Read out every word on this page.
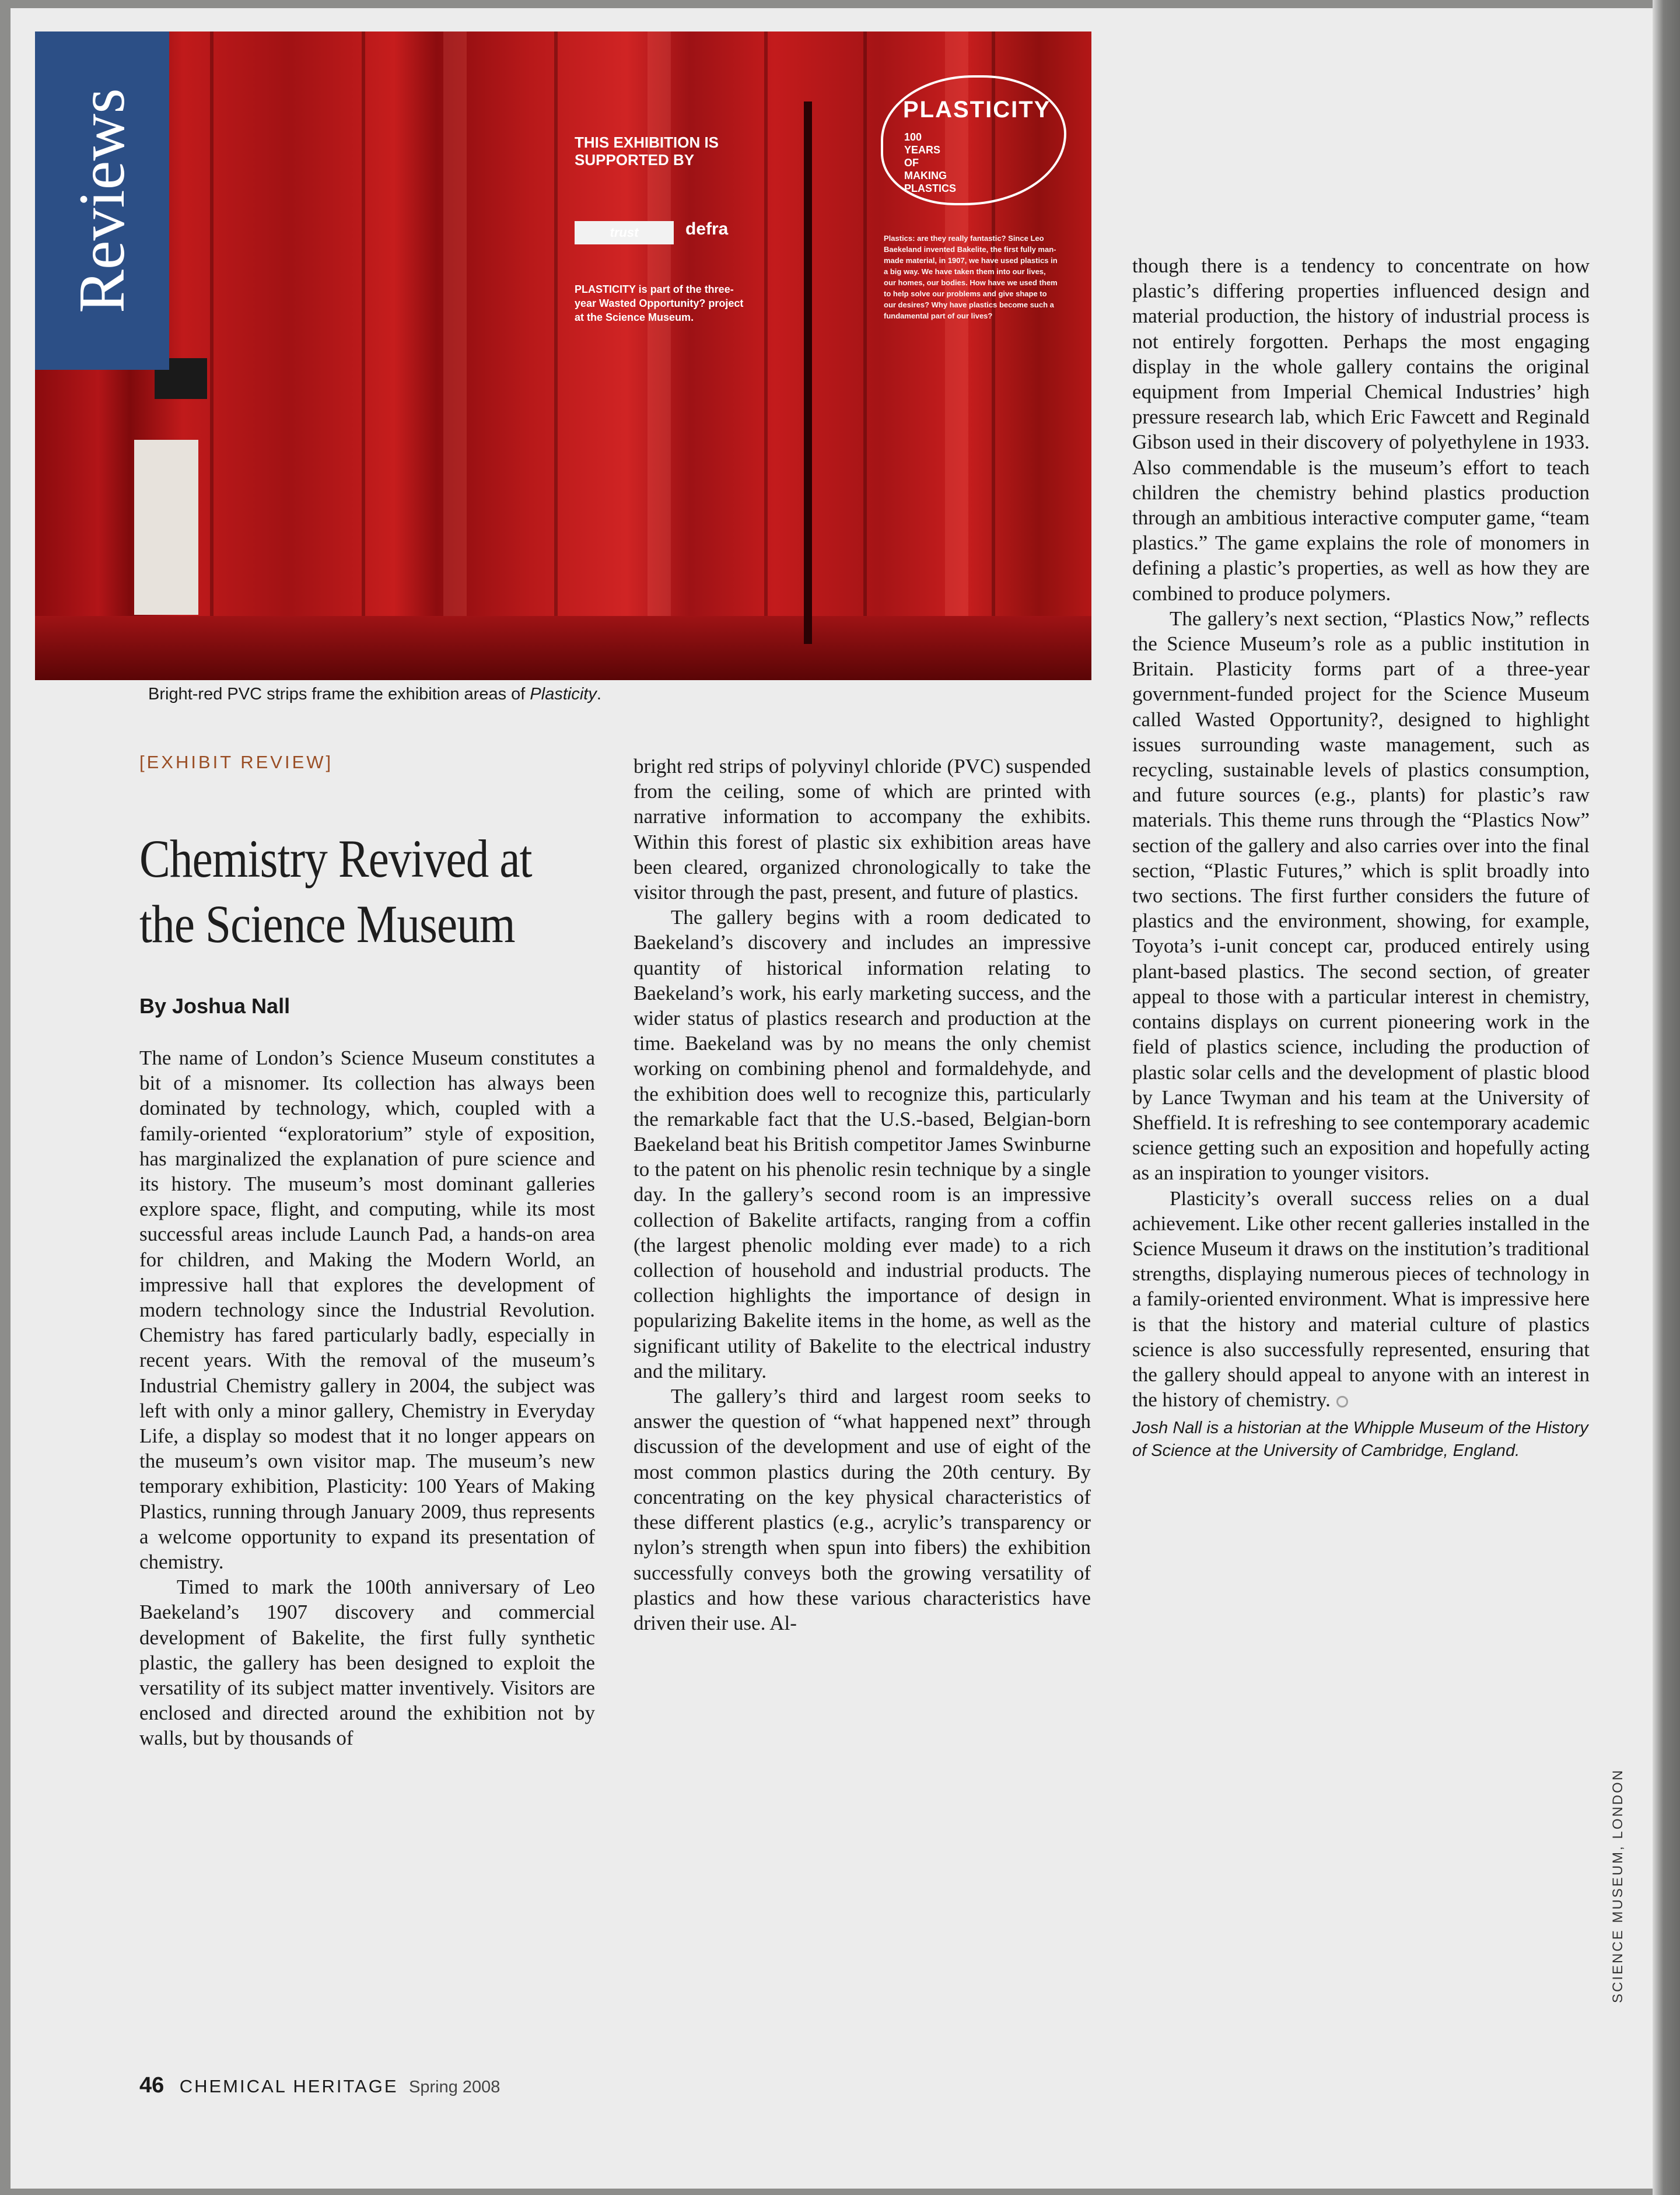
THIS EXHIBITION IS SUPPORTED BY
trust	defra
PLASTICITY is part of the three-year Wasted Opportunity? project at the Science Museum.
PLASTICITY
100 YEARS OF MAKING PLASTICS
Plastics: are they really fantastic? Since Leo Baekeland invented Bakelite, the first fully man-made material, in 1907, we have used plastics in a big way. We have taken them into our lives, our homes, our bodies. How have we used them to help solve our problems and give shape to our desires? Why have plastics become such a fundamental part of our lives?
Reviews
Bright-red PVC strips frame the exhibition areas of Plasticity.
[EXHIBIT REVIEW]
Chemistry Revived at the Science Museum
By Joshua Nall

The name of London’s Science Museum constitutes a bit of a misnomer. Its collection has always been dominated by technology, which, coupled with a family-oriented “exploratorium” style of exposition, has marginalized the explanation of pure science and its history. The museum’s most dominant galleries explore space, flight, and computing, while its most successful areas include Launch Pad, a hands-on area for children, and Making the Modern World, an impressive hall that explores the development of modern technology since the Industrial Revolution. Chemistry has fared particularly badly, especially in recent years. With the removal of the museum’s Industrial Chemistry gallery in 2004, the subject was left with only a minor gallery, Chemistry in Everyday Life, a display so modest that it no longer appears on the museum’s own visitor map. The museum’s new temporary exhibition, Plasticity: 100 Years of Making Plastics, running through January 2009, thus represents a welcome opportunity to expand its presentation of chemistry.

Timed to mark the 100th anniversary of Leo Baekeland’s 1907 discovery and commercial development of Bakelite, the first fully synthetic plastic, the gallery has been designed to exploit the versatility of its subject matter inventively. Visitors are enclosed and directed around the exhibition not by walls, but by thousands of

bright red strips of polyvinyl chloride (PVC) suspended from the ceiling, some of which are printed with narrative information to accompany the exhibits. Within this forest of plastic six exhibition areas have been cleared, organized chronologically to take the visitor through the past, present, and future of plastics.

The gallery begins with a room dedicated to Baekeland’s discovery and includes an impressive quantity of historical information relating to Baekeland’s work, his early marketing success, and the wider status of plastics research and production at the time. Baekeland was by no means the only chemist working on combining phenol and formaldehyde, and the exhibition does well to recognize this, particularly the remarkable fact that the U.S.-based, Belgian-born Baekeland beat his British competitor James Swinburne to the patent on his phenolic resin technique by a single day. In the gallery’s second room is an impressive collection of Bakelite artifacts, ranging from a coffin (the largest phenolic molding ever made) to a rich collection of household and industrial products. The collection highlights the importance of design in popularizing Bakelite items in the home, as well as the significant utility of Bakelite to the electrical industry and the military.

The gallery’s third and largest room seeks to answer the question of “what happened next” through discussion of the development and use of eight of the most common plastics during the 20th century. By concentrating on the key physical characteristics of these different plastics (e.g., acrylic’s transparency or nylon’s strength when spun into fibers) the exhibition successfully conveys both the growing versatility of plastics and how these various characteristics have driven their use. Al-

though there is a tendency to concentrate on how plastic’s differing properties influenced design and material production, the history of industrial process is not entirely forgotten. Perhaps the most engaging display in the whole gallery contains the original equipment from Imperial Chemical Industries’ high pressure research lab, which Eric Fawcett and Reginald Gibson used in their discovery of polyethylene in 1933. Also commendable is the museum’s effort to teach children the chemistry behind plastics production through an ambitious interactive computer game, “team plastics.” The game explains the role of monomers in defining a plastic’s properties, as well as how they are combined to produce polymers.

The gallery’s next section, “Plastics Now,” reflects the Science Museum’s role as a public institution in Britain. Plasticity forms part of a three-year government-funded project for the Science Museum called Wasted Opportunity?, designed to highlight issues surrounding waste management, such as recycling, sustainable levels of plastics consumption, and future sources (e.g., plants) for plastic’s raw materials. This theme runs through the “Plastics Now” section of the gallery and also carries over into the final section, “Plastic Futures,” which is split broadly into two sections. The first further considers the future of plastics and the environment, showing, for example, Toyota’s i-unit concept car, produced entirely using plant-based plastics. The second section, of greater appeal to those with a particular interest in chemistry, contains displays on current pioneering work in the field of plastics science, including the production of plastic solar cells and the development of plastic blood by Lance Twyman and his team at the University of Sheffield. It is refreshing to see contemporary academic science getting such an exposition and hopefully acting as an inspiration to younger visitors.

Plasticity’s overall success relies on a dual achievement. Like other recent galleries installed in the Science Museum it draws on the institution’s traditional strengths, displaying numerous pieces of technology in a family-oriented environment. What is impressive here is that the history and material culture of plastics science is also successfully represented, ensuring that the gallery should appeal to anyone with an interest in the history of chemistry.

Josh Nall is a historian at the Whipple Museum of the History of Science at the University of Cambridge, England.

46 CHEMICAL HERITAGE Spring 2008
SCIENCE MUSEUM, LONDON
